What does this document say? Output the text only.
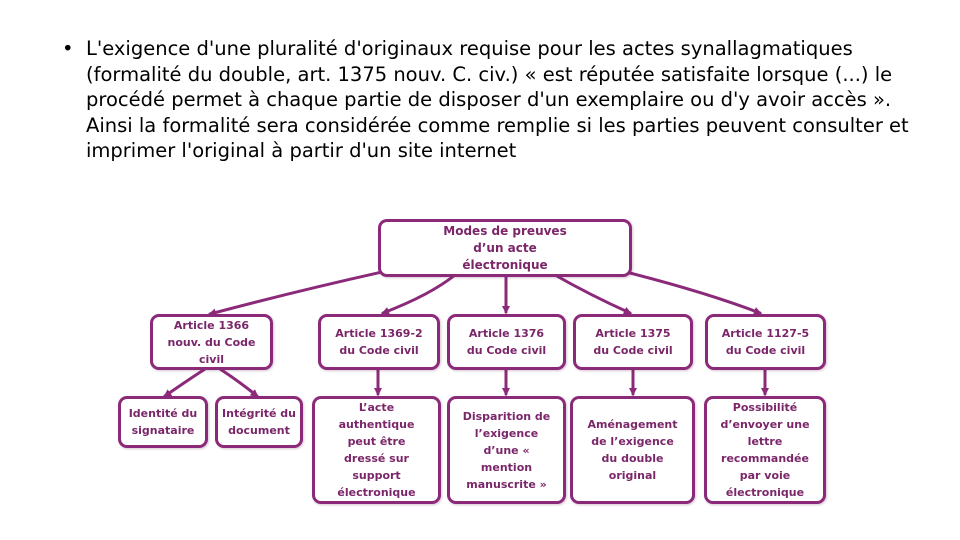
• L'exigence d'une pluralité d'originaux requise pour les actes synallagmatiques (formalité du double, art. 1375 nouv. C. civ.) « est réputée satisfaite lorsque (...) le procédé permet à chaque partie de disposer d'un exemplaire ou d'y avoir accès ». Ainsi la formalité sera considérée comme remplie si les parties peuvent consulter et imprimer l'original à partir d'un site internet
Modes de preuves d’un acte électronique
Article 1366 nouv. du Code civil
Article 1369-2 du Code civil
Article 1376 du Code civil
Article 1375 du Code civil
Article 1127-5 du Code civil
Identité du signataire
Intégrité du document
L’acte authentique peut être dressé sur support électronique
Disparition de l’exigence d’une « mention manuscrite »
Aménagement de l’exigence du double original
Possibilité d’envoyer une lettre recommandée par voie électronique
